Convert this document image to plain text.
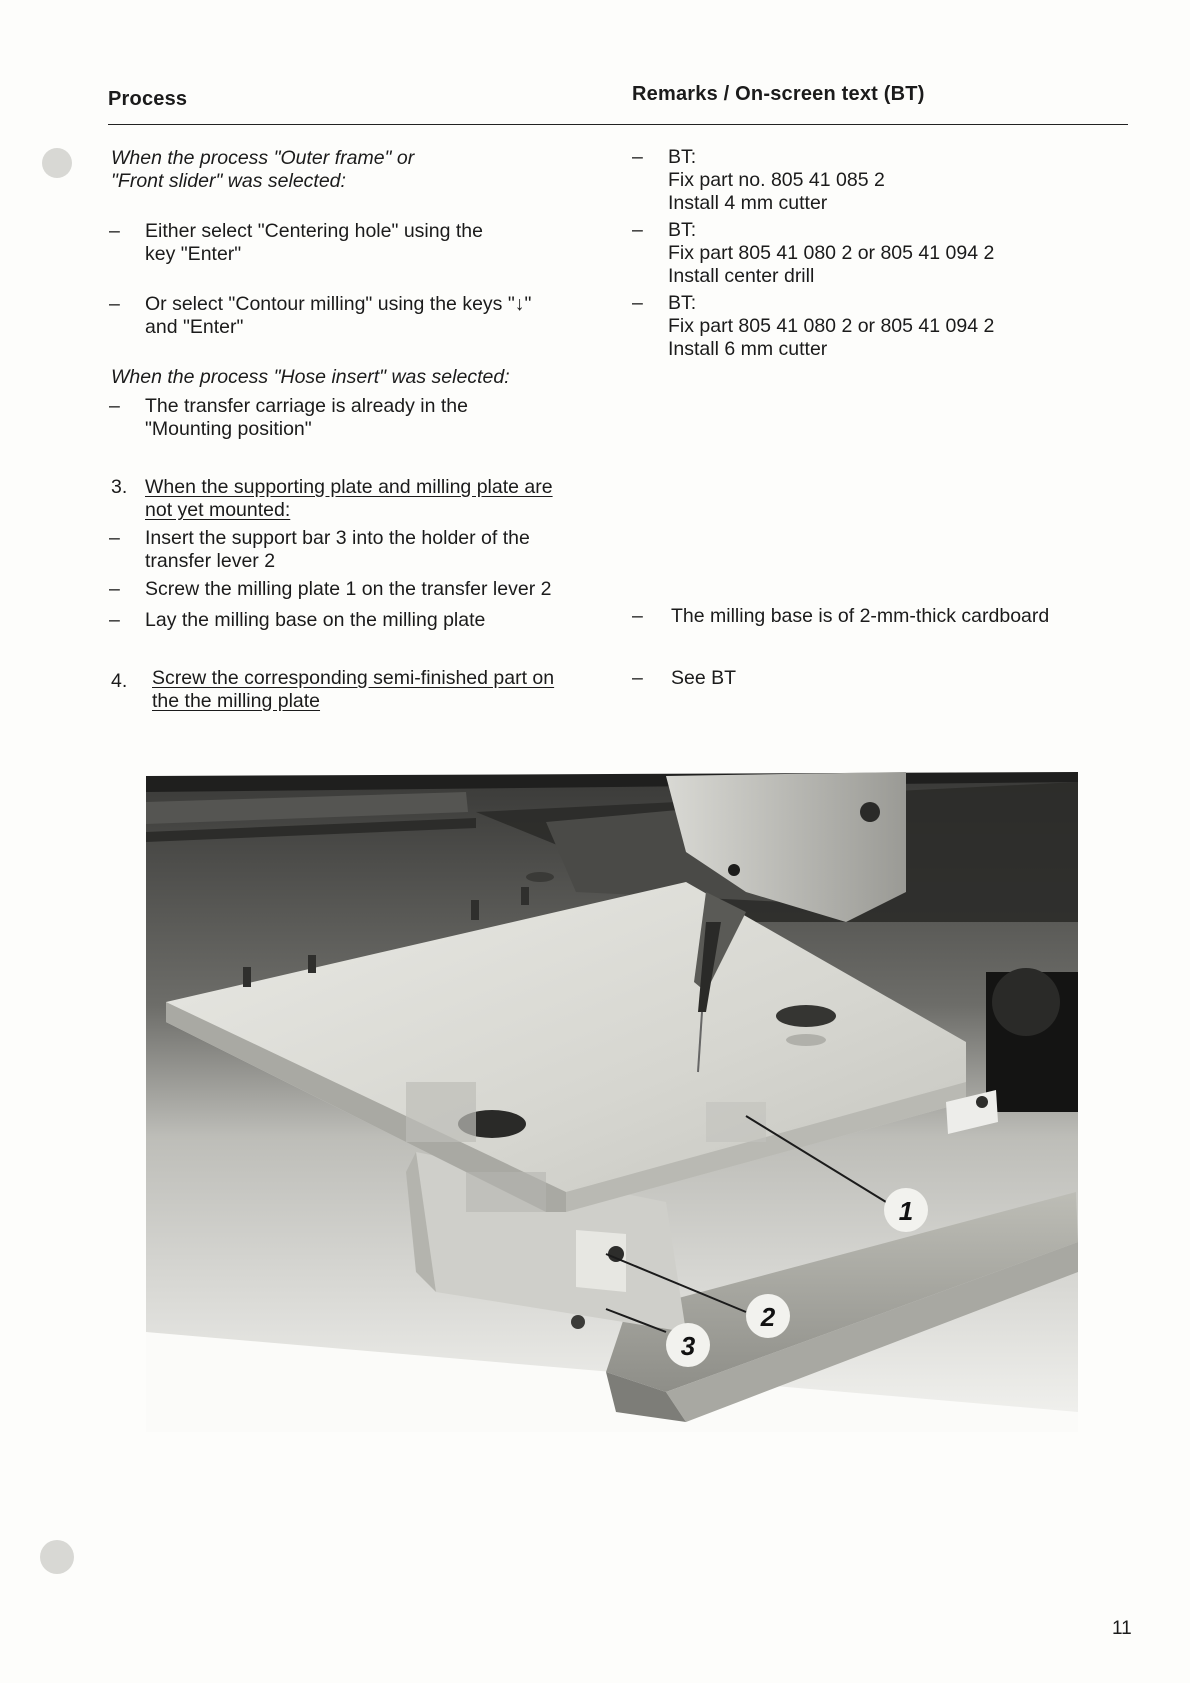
Process	Remarks / On-screen text (BT)
When the process "Outer frame" or
"Front slider" was selected:
– Either select "Centering hole" using the
key "Enter"
– Or select "Contour milling" using the keys "↓"
and "Enter"
When the process "Hose insert" was selected:
– The transfer carriage is already in the
"Mounting position"
3. When the supporting plate and milling plate are
not yet mounted:
– Insert the support bar 3 into the holder of the
transfer lever 2
– Screw the milling plate 1 on the transfer lever 2
– Lay the milling base on the milling plate
4. Screw the corresponding semi-finished part on
the the milling plate
– BT:
Fix part no. 805 41 085 2
Install 4 mm cutter
– BT:
Fix part 805 41 080 2 or 805 41 094 2
Install center drill
– BT:
Fix part 805 41 080 2 or 805 41 094 2
Install 6 mm cutter
– The milling base is of 2-mm-thick cardboard
– See BT
1
2
3
11
